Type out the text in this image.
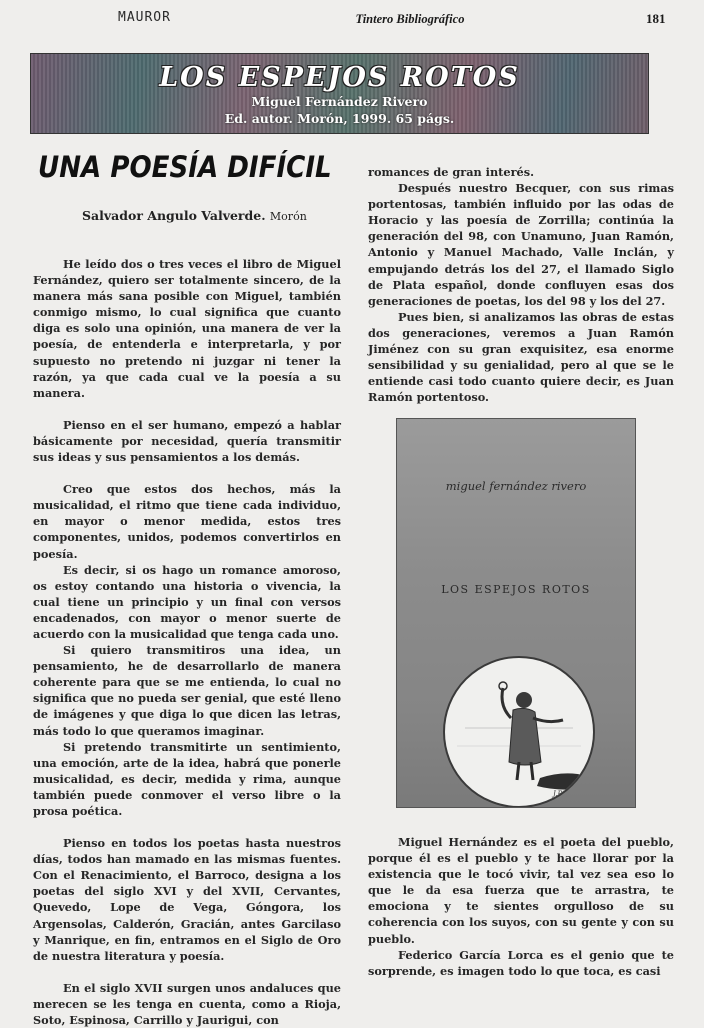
MAUROR	Tintero Bibliográfico	181
LOS ESPEJOS ROTOS
Miguel Fernández Rivero
Ed. autor. Morón, 1999. 65 págs.
UNA POESÍA DIFÍCIL
Salvador Angulo Valverde. Morón

He leído dos o tres veces el libro de Miguel Fernández, quiero ser totalmente sincero, de la manera más sana posible con Miguel, también conmigo mismo, lo cual significa que cuanto diga es solo una opinión, una manera de ver la poesía, de entenderla e interpretarla, y por supuesto no pretendo ni juzgar ni tener la razón, ya que cada cual ve la poesía a su manera.

Pienso en el ser humano, empezó a hablar básicamente por necesidad, quería transmitir sus ideas y sus pensamientos a los demás.

Creo que estos dos hechos, más la musicalidad, el ritmo que tiene cada individuo, en mayor o menor medida, estos tres componentes, unidos, podemos convertirlos en poesía.

Es decir, si os hago un romance amoroso, os estoy contando una historia o vivencia, la cual tiene un principio y un final con versos encadenados, con mayor o menor suerte de acuerdo con la musicalidad que tenga cada uno.

Si quiero transmitiros una idea, un pensamiento, he de desarrollarlo de manera coherente para que se me entienda, lo cual no significa que no pueda ser genial, que esté lleno de imágenes y que diga lo que dicen las letras, más todo lo que queramos imaginar.

Si pretendo transmitirte un sentimiento, una emoción, arte de la idea, habrá que ponerle musicalidad, es decir, medida y rima, aunque también puede conmover el verso libre o la prosa poética.

Pienso en todos los poetas hasta nuestros días, todos han mamado en las mismas fuentes. Con el Renacimiento, el Barroco, designa a los poetas del siglo XVI y del XVII, Cervantes, Quevedo, Lope de Vega, Góngora, los Argensolas, Calderón, Gracián, antes Garcilaso y Manrique, en fin, entramos en el Siglo de Oro de nuestra literatura y poesía.

En el siglo XVII surgen unos andaluces que merecen se les tenga en cuenta, como a Rioja, Soto, Espinosa, Carrillo y Jaurigui, con

romances de gran interés.

Después nuestro Becquer, con sus rimas portentosas, también influido por las odas de Horacio y las poesía de Zorrilla; continúa la generación del 98, con Unamuno, Juan Ramón, Antonio y Manuel Machado, Valle Inclán, y empujando detrás los del 27, el llamado Siglo de Plata español, donde confluyen esas dos generaciones de poetas, los del 98 y los del 27.

Pues bien, si analizamos las obras de estas dos generaciones, veremos a Juan Ramón Jiménez con su gran exquisitez, esa enorme sensibilidad y su genialidad, pero al que se le entiende casi todo cuanto quiere decir, es Juan Ramón portentoso.

miguel fernández rivero
LOS ESPEJOS ROTOS
J.Pinero

Miguel Hernández es el poeta del pueblo, porque él es el pueblo y te hace llorar por la existencia que le tocó vivir, tal vez sea eso lo que le da esa fuerza que te arrastra, te emociona y te sientes orgulloso de su coherencia con los suyos, con su gente y con su pueblo.

Federico García Lorca es el genio que te sorprende, es imagen todo lo que toca, es casi
